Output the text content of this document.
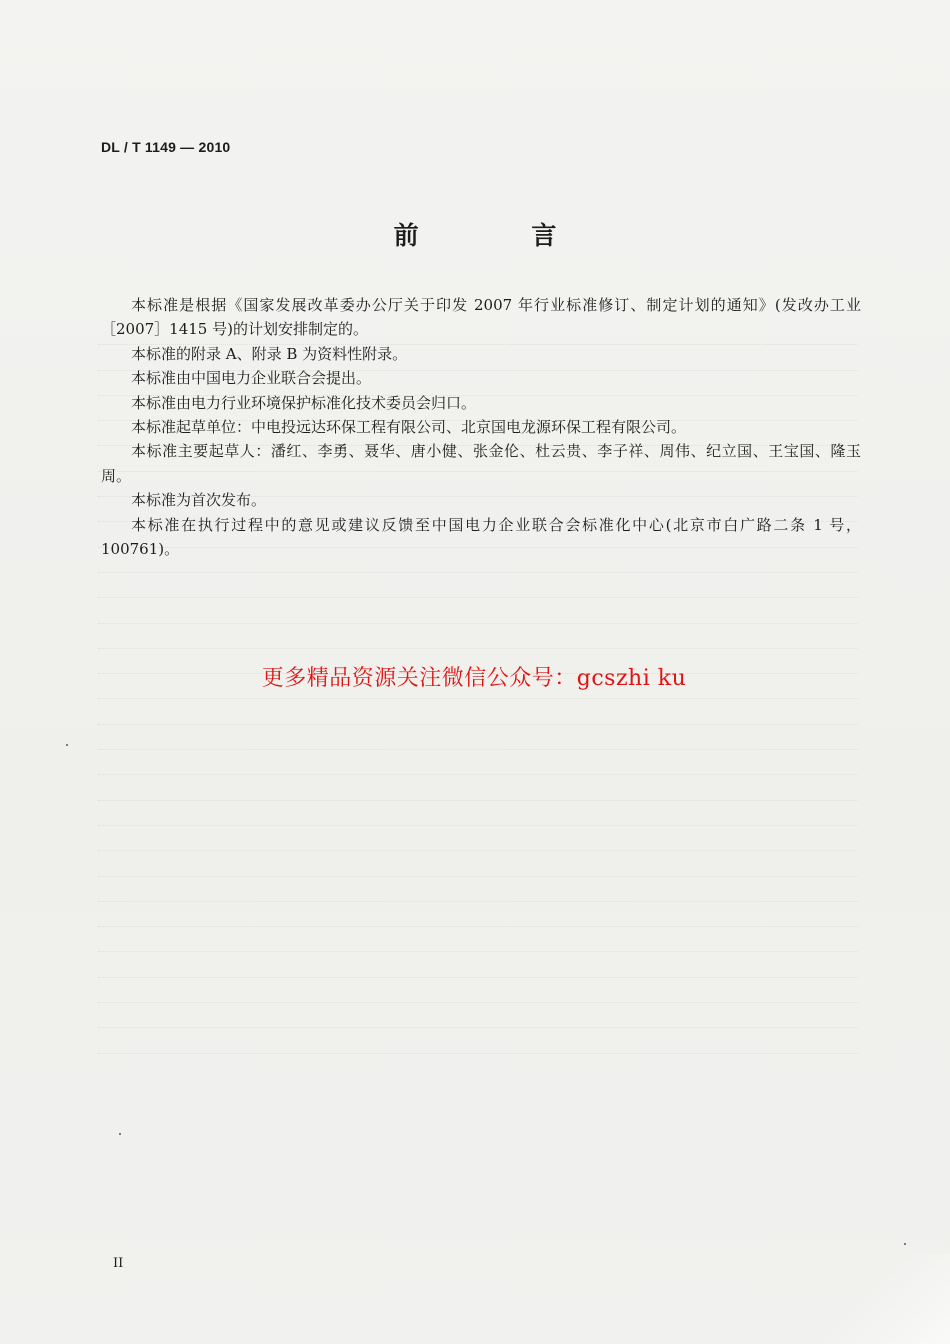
DL / T 1149 — 2010
前 言

本标准是根据《国家发展改革委办公厅关于印发 2007 年行业标准修订、制定计划的通知》(发改办工业［2007］1415 号)的计划安排制定的。

本标准的附录 A、附录 B 为资料性附录。

本标准由中国电力企业联合会提出。

本标准由电力行业环境保护标准化技术委员会归口。

本标准起草单位：中电投远达环保工程有限公司、北京国电龙源环保工程有限公司。

本标准主要起草人：潘红、李勇、聂华、唐小健、张金伦、杜云贵、李子祥、周伟、纪立国、王宝国、隆玉周。

本标准为首次发布。

本标准在执行过程中的意见或建议反馈至中国电力企业联合会标准化中心(北京市白广路二条 1 号，100761)。

更多精品资源关注微信公众号：gcszhi ku
II
